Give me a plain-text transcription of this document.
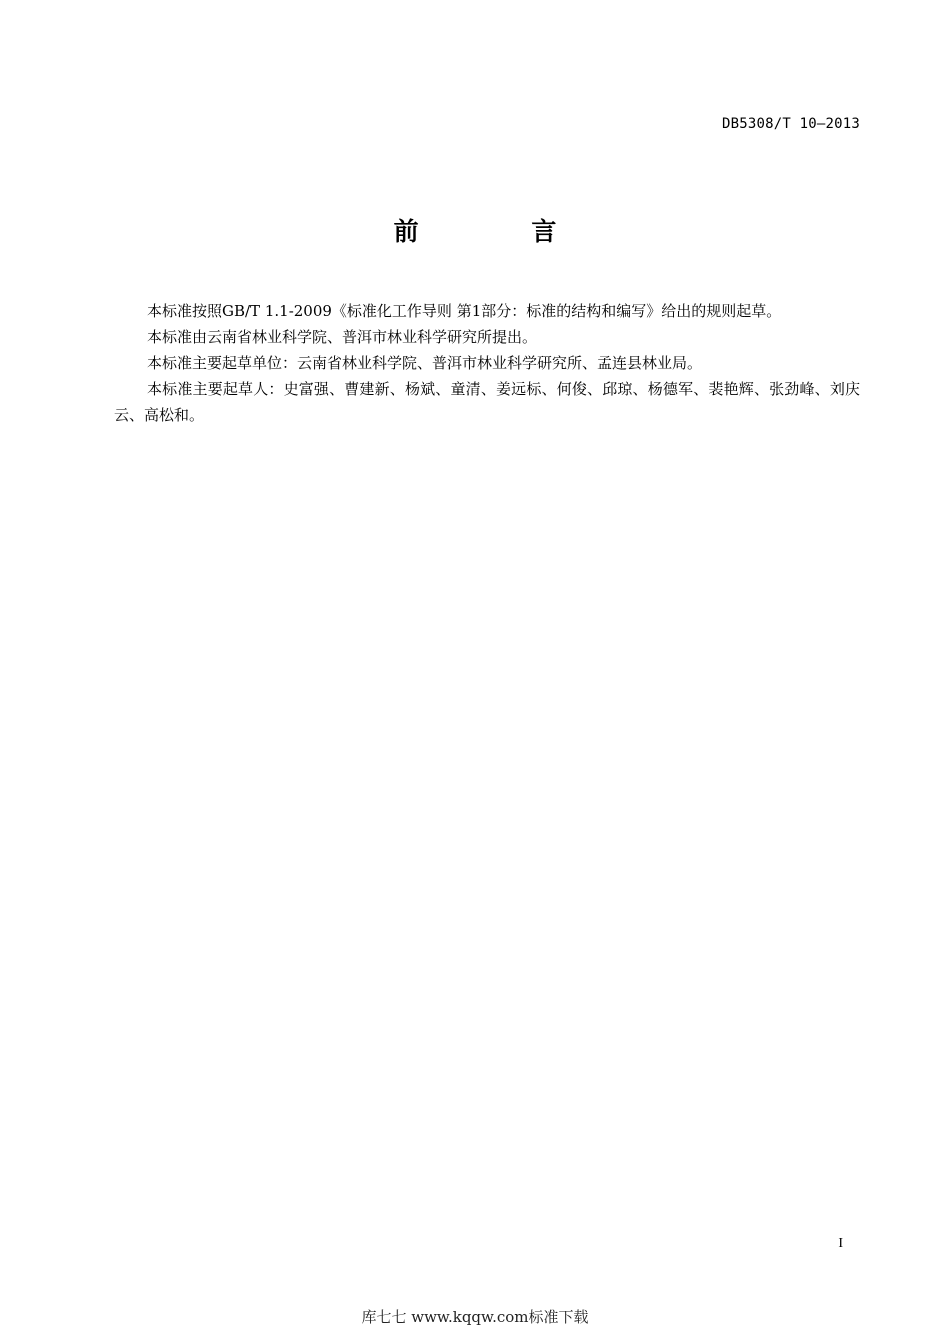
DB5308/T 10—2013
前 言

本标准按照GB/T 1.1-2009《标准化工作导则 第1部分：标准的结构和编写》给出的规则起草。

本标准由云南省林业科学院、普洱市林业科学研究所提出。

本标准主要起草单位：云南省林业科学院、普洱市林业科学研究所、孟连县林业局。

本标准主要起草人：史富强、曹建新、杨斌、童清、姜远标、何俊、邱琼、杨德军、裴艳辉、张劲峰、刘庆云、高松和。

I
库七七 www.kqqw.com标准下载
